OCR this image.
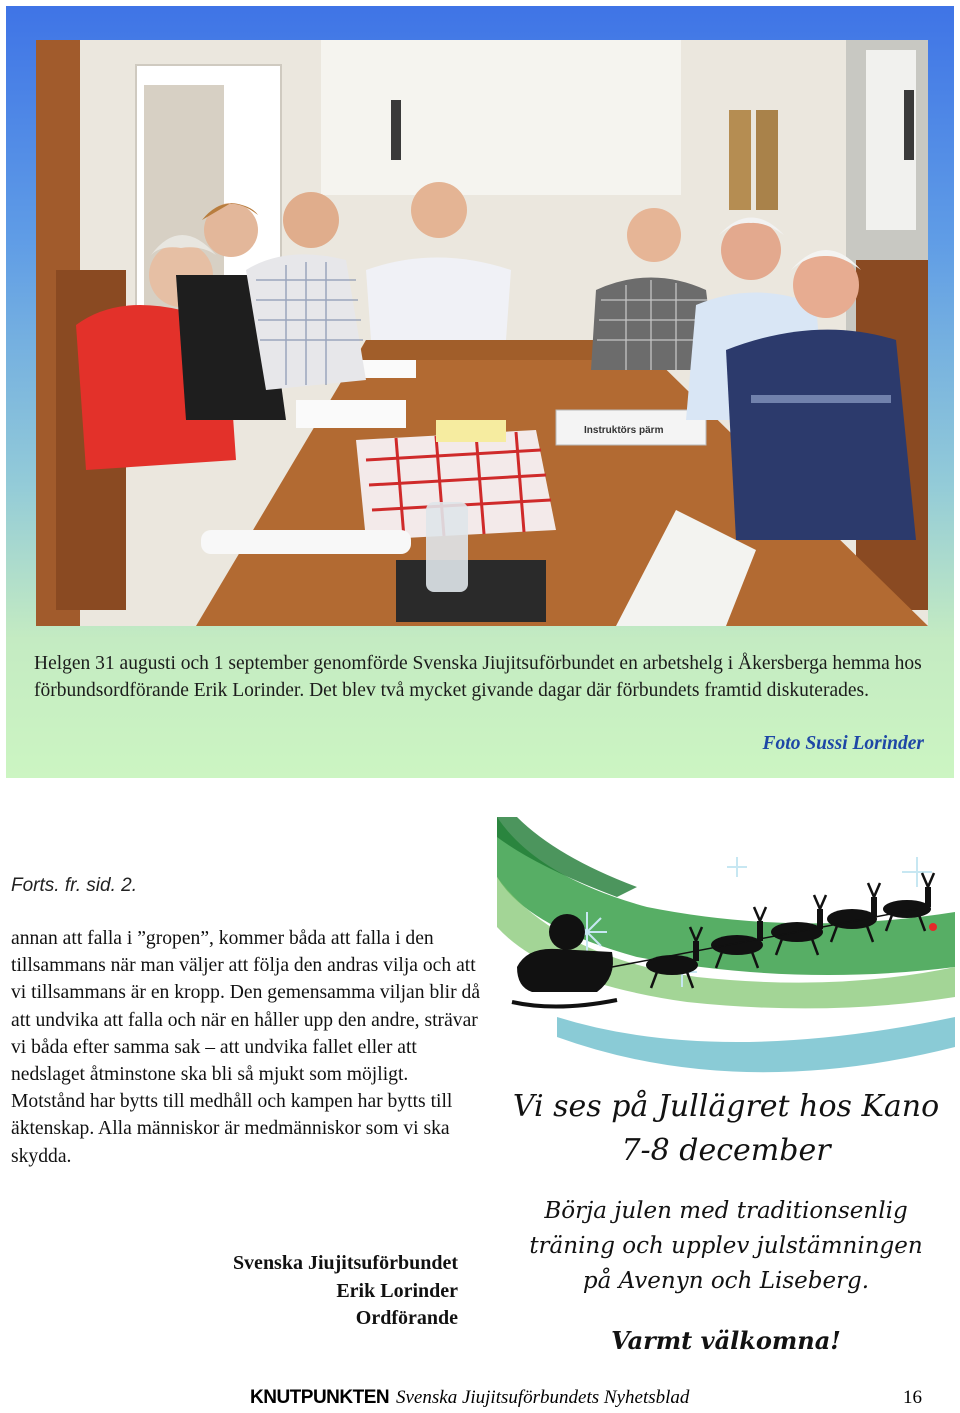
Instruktörs pärm
Helgen 31 augusti och 1 september genomförde Svenska Jiujitsuförbundet en arbetshelg i Åkersberga hemma hos förbundsordförande Erik Lorinder. Det blev två mycket givande dagar där förbundets framtid diskuterades.
Foto Sussi Lorinder
Forts. fr. sid. 2.

annan att falla i ”gropen”, kommer båda att falla i den tillsammans när man väljer att följa den andras vilja och att vi tillsammans är en kropp. Den gemensamma viljan blir då att undvika att falla och när en håller upp den andre, strävar vi båda efter samma sak – att undvika fallet eller att nedslaget åtminstone ska bli så mjukt som möjligt. Motstånd har bytts till medhåll och kampen har bytts till äktenskap. Alla människor är medmänniskor som vi ska skydda.

Svenska Jiujitsuförbundet
Erik Lorinder
Ordförande
Vi ses på Jullägret hos Kano
7-8 december
Börja julen med traditionsenlig
träning och upplev julstämningen
på Avenyn och Liseberg.
Varmt välkomna!
KNUTPUNKTEN Svenska Jiujitsuförbundets Nyhetsblad	16
